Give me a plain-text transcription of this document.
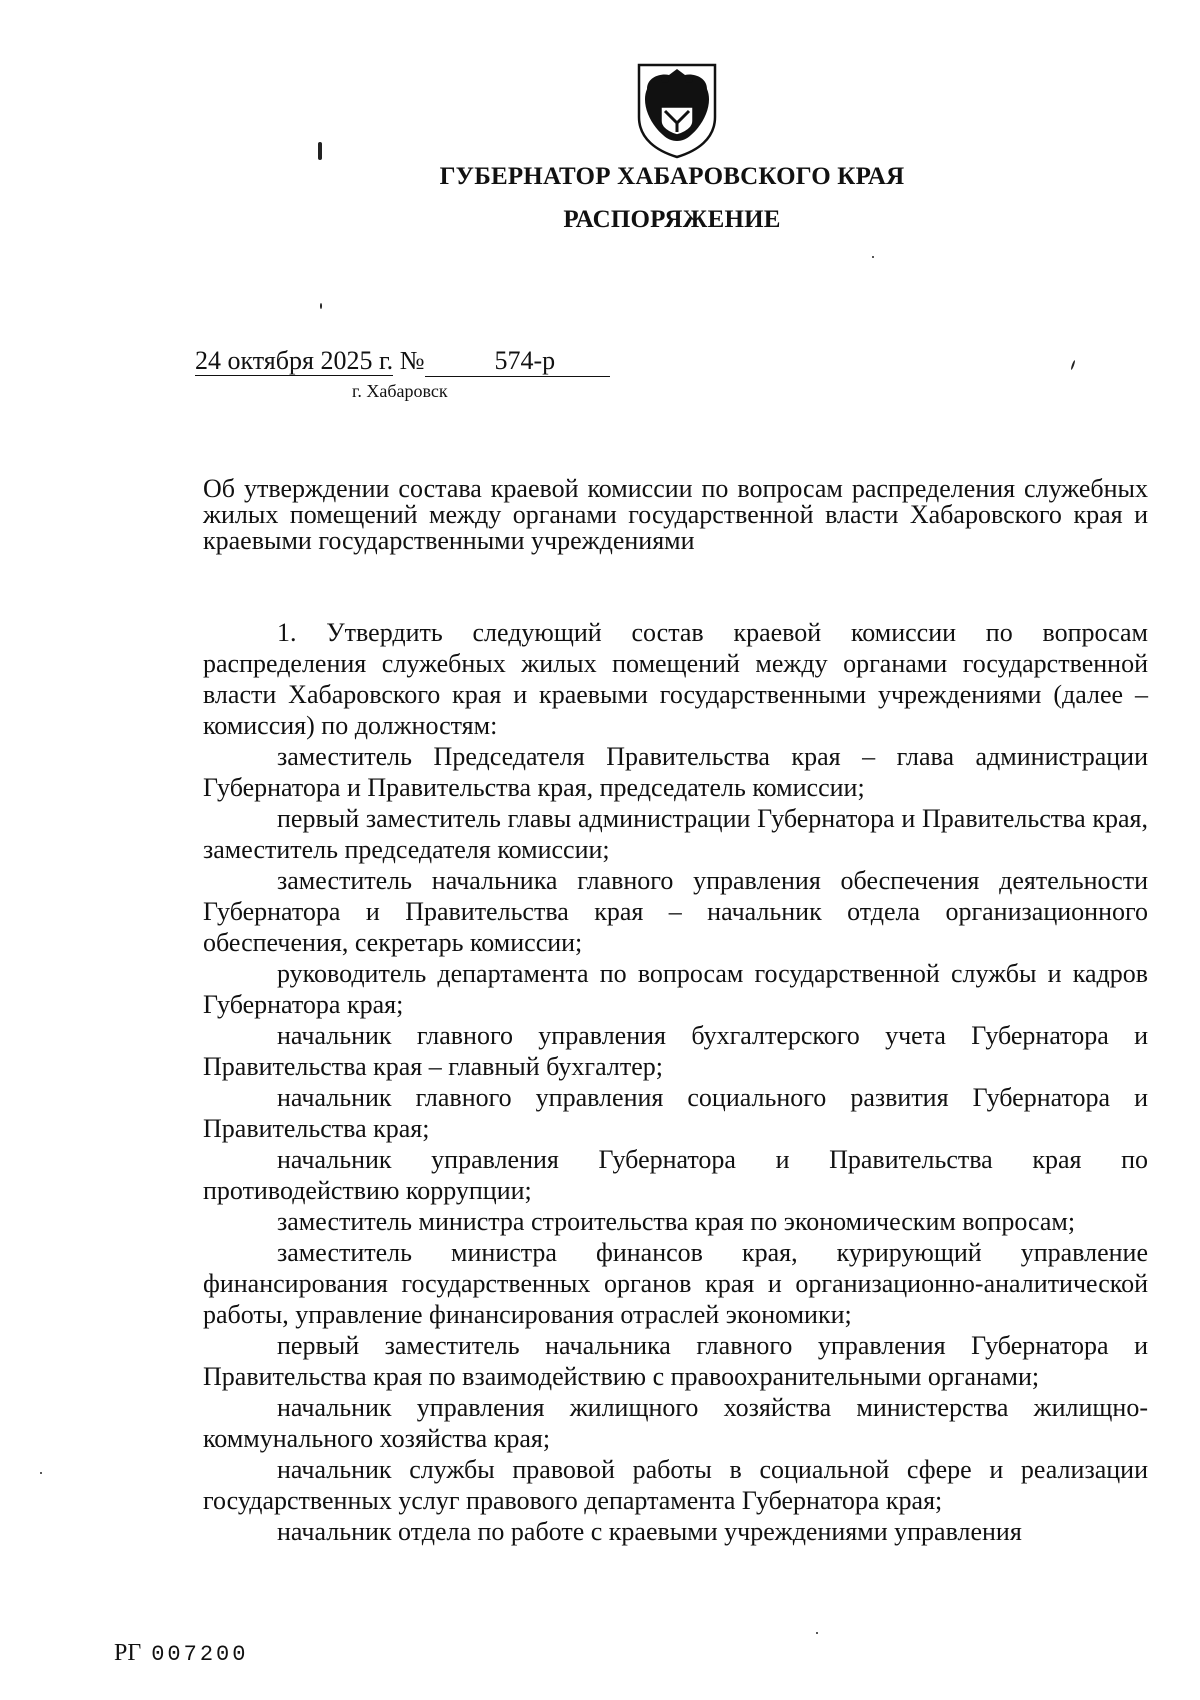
ГУБЕРНАТОР ХАБАРОВСКОГО КРАЯ
РАСПОРЯЖЕНИЕ
24 октября 2025 г. №	574-р
г. Хабаровск

Об утверждении состава краевой комиссии по вопросам распределения служебных жилых помещений между органами государственной власти Хабаровского края и краевыми государственными учреждениями

1. Утвердить следующий состав краевой комиссии по вопросам распределения служебных жилых помещений между органами государственной власти Хабаровского края и краевыми государственными учреждениями (далее – комиссия) по должностям:

заместитель Председателя Правительства края – глава администрации Губернатора и Правительства края, председатель комиссии;

первый заместитель главы администрации Губернатора и Правительства края, заместитель председателя комиссии;

заместитель начальника главного управления обеспечения деятельности Губернатора и Правительства края – начальник отдела организационного обеспечения, секретарь комиссии;

руководитель департамента по вопросам государственной службы и кадров Губернатора края;

начальник главного управления бухгалтерского учета Губернатора и Правительства края – главный бухгалтер;

начальник главного управления социального развития Губернатора и Правительства края;

начальник управления Губернатора и Правительства края по противодействию коррупции;

заместитель министра строительства края по экономическим вопросам;

заместитель министра финансов края, курирующий управление финансирования государственных органов края и организационно-аналитической работы, управление финансирования отраслей экономики;

первый заместитель начальника главного управления Губернатора и Правительства края по взаимодействию с правоохранительными органами;

начальник управления жилищного хозяйства министерства жилищно-коммунального хозяйства края;

начальник службы правовой работы в социальной сфере и реализации государственных услуг правового департамента Губернатора края;

начальник отдела по работе с краевыми учреждениями управления

РГ 007200
